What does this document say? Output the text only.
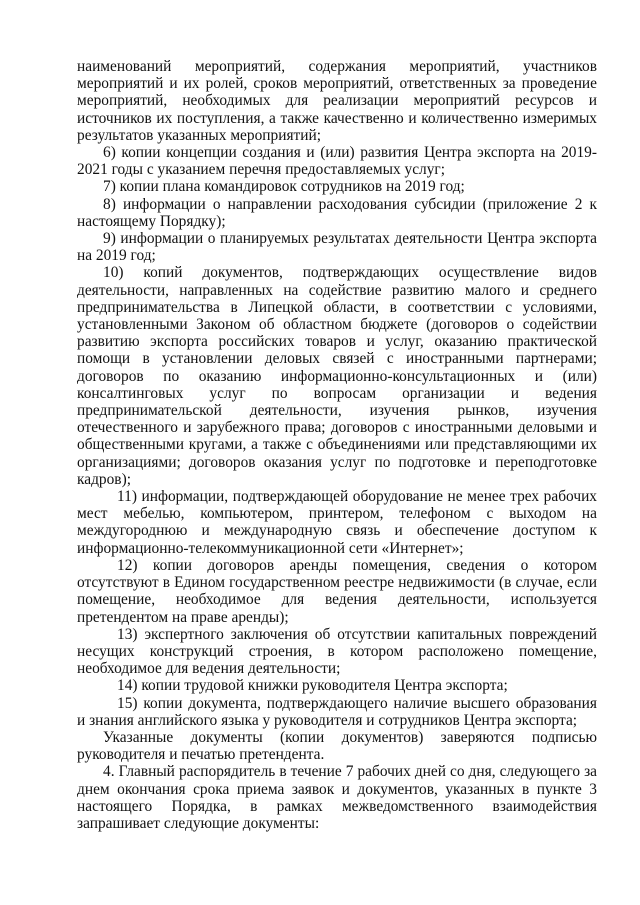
наименований мероприятий, содержания мероприятий, участников мероприятий и их ролей, сроков мероприятий, ответственных за проведение мероприятий, необходимых для реализации мероприятий ресурсов и источников их поступления, а также качественно и количественно измеримых результатов указанных мероприятий;

6) копии концепции создания и (или) развития Центра экспорта на 2019-2021 годы с указанием перечня предоставляемых услуг;

7) копии плана командировок сотрудников на 2019 год;

8) информации о направлении расходования субсидии (приложение 2 к настоящему Порядку);

9) информации о планируемых результатах деятельности Центра экспорта на 2019 год;

10) копий документов, подтверждающих осуществление видов деятельности, направленных на содействие развитию малого и среднего предпринимательства в Липецкой области, в соответствии с условиями, установленными Законом об областном бюджете (договоров о содействии развитию экспорта российских товаров и услуг, оказанию практической помощи в установлении деловых связей с иностранными партнерами; договоров по оказанию информационно-консультационных и (или) консалтинговых услуг по вопросам организации и ведения предпринимательской деятельности, изучения рынков, изучения отечественного и зарубежного права; договоров с иностранными деловыми и общественными кругами, а также с объединениями или представляющими их организациями; договоров оказания услуг по подготовке и переподготовке кадров);

11) информации, подтверждающей оборудование не менее трех рабочих мест мебелью, компьютером, принтером, телефоном с выходом на междугороднюю и международную связь и обеспечение доступом к информационно-телекоммуникационной сети «Интернет»;

12) копии договоров аренды помещения, сведения о котором отсутствуют в Едином государственном реестре недвижимости (в случае, если помещение, необходимое для ведения деятельности, используется претендентом на праве аренды);

13) экспертного заключения об отсутствии капитальных повреждений несущих конструкций строения, в котором расположено помещение, необходимое для ведения деятельности;

14) копии трудовой книжки руководителя Центра экспорта;

15) копии документа, подтверждающего наличие высшего образования и знания английского языка у руководителя и сотрудников Центра экспорта;

Указанные документы (копии документов) заверяются подписью руководителя и печатью претендента.

4. Главный распорядитель в течение 7 рабочих дней со дня, следующего за днем окончания срока приема заявок и документов, указанных в пункте 3 настоящего Порядка, в рамках межведомственного взаимодействия запрашивает следующие документы:
